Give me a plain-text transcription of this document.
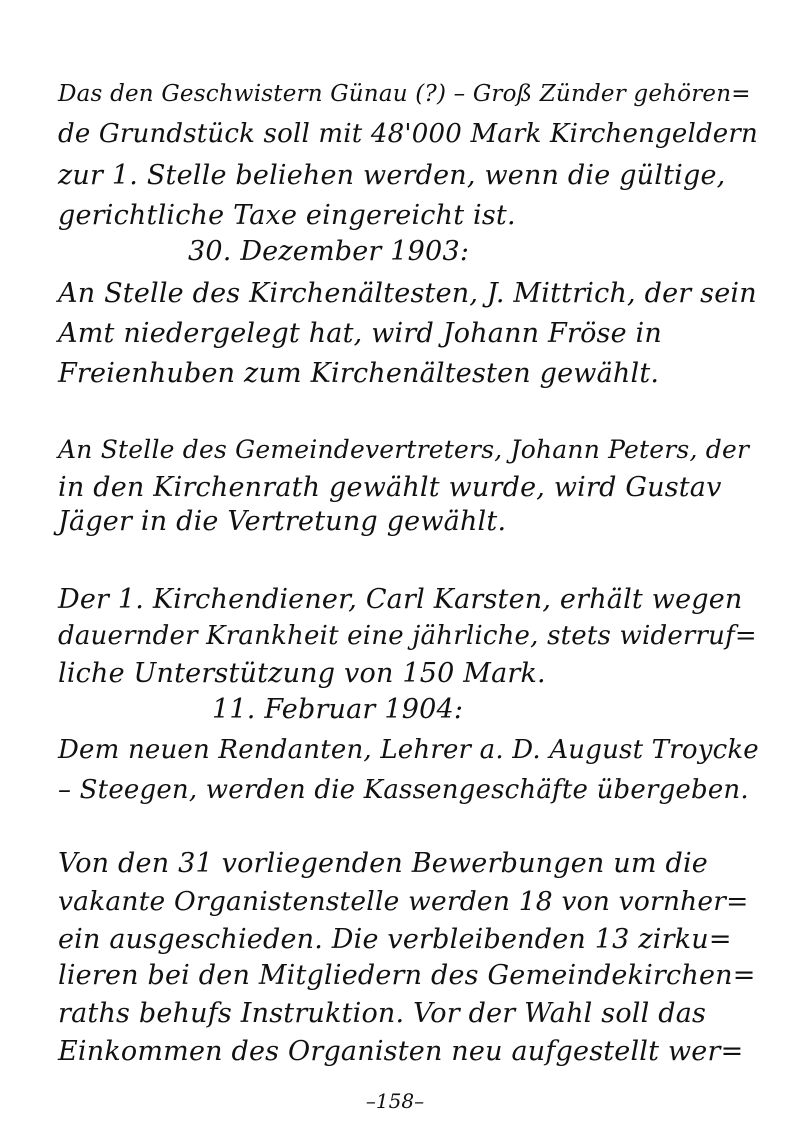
Das den Geschwistern Günau (?) – Groß Zünder gehören=
de Grundstück soll mit 48'000 Mark Kirchengeldern
zur 1. Stelle beliehen werden, wenn die gültige,
gerichtliche Taxe eingereicht ist.
30. Dezember 1903:
An Stelle des Kirchenältesten, J. Mittrich, der sein
Amt niedergelegt hat, wird Johann Fröse in
Freienhuben zum Kirchenältesten gewählt.
An Stelle des Gemeindevertreters, Johann Peters, der
in den Kirchenrath gewählt wurde, wird Gustav
Jäger in die Vertretung gewählt.
Der 1. Kirchendiener, Carl Karsten, erhält wegen
dauernder Krankheit eine jährliche, stets widerruf=
liche Unterstützung von 150 Mark.
11. Februar 1904:
Dem neuen Rendanten, Lehrer a. D. August Troycke
– Steegen, werden die Kassengeschäfte übergeben.
Von den 31 vorliegenden Bewerbungen um die
vakante Organistenstelle werden 18 von vornher=
ein ausgeschieden. Die verbleibenden 13 zirku=
lieren bei den Mitgliedern des Gemeindekirchen=
raths behufs Instruktion. Vor der Wahl soll das
Einkommen des Organisten neu aufgestellt wer=
–158–
